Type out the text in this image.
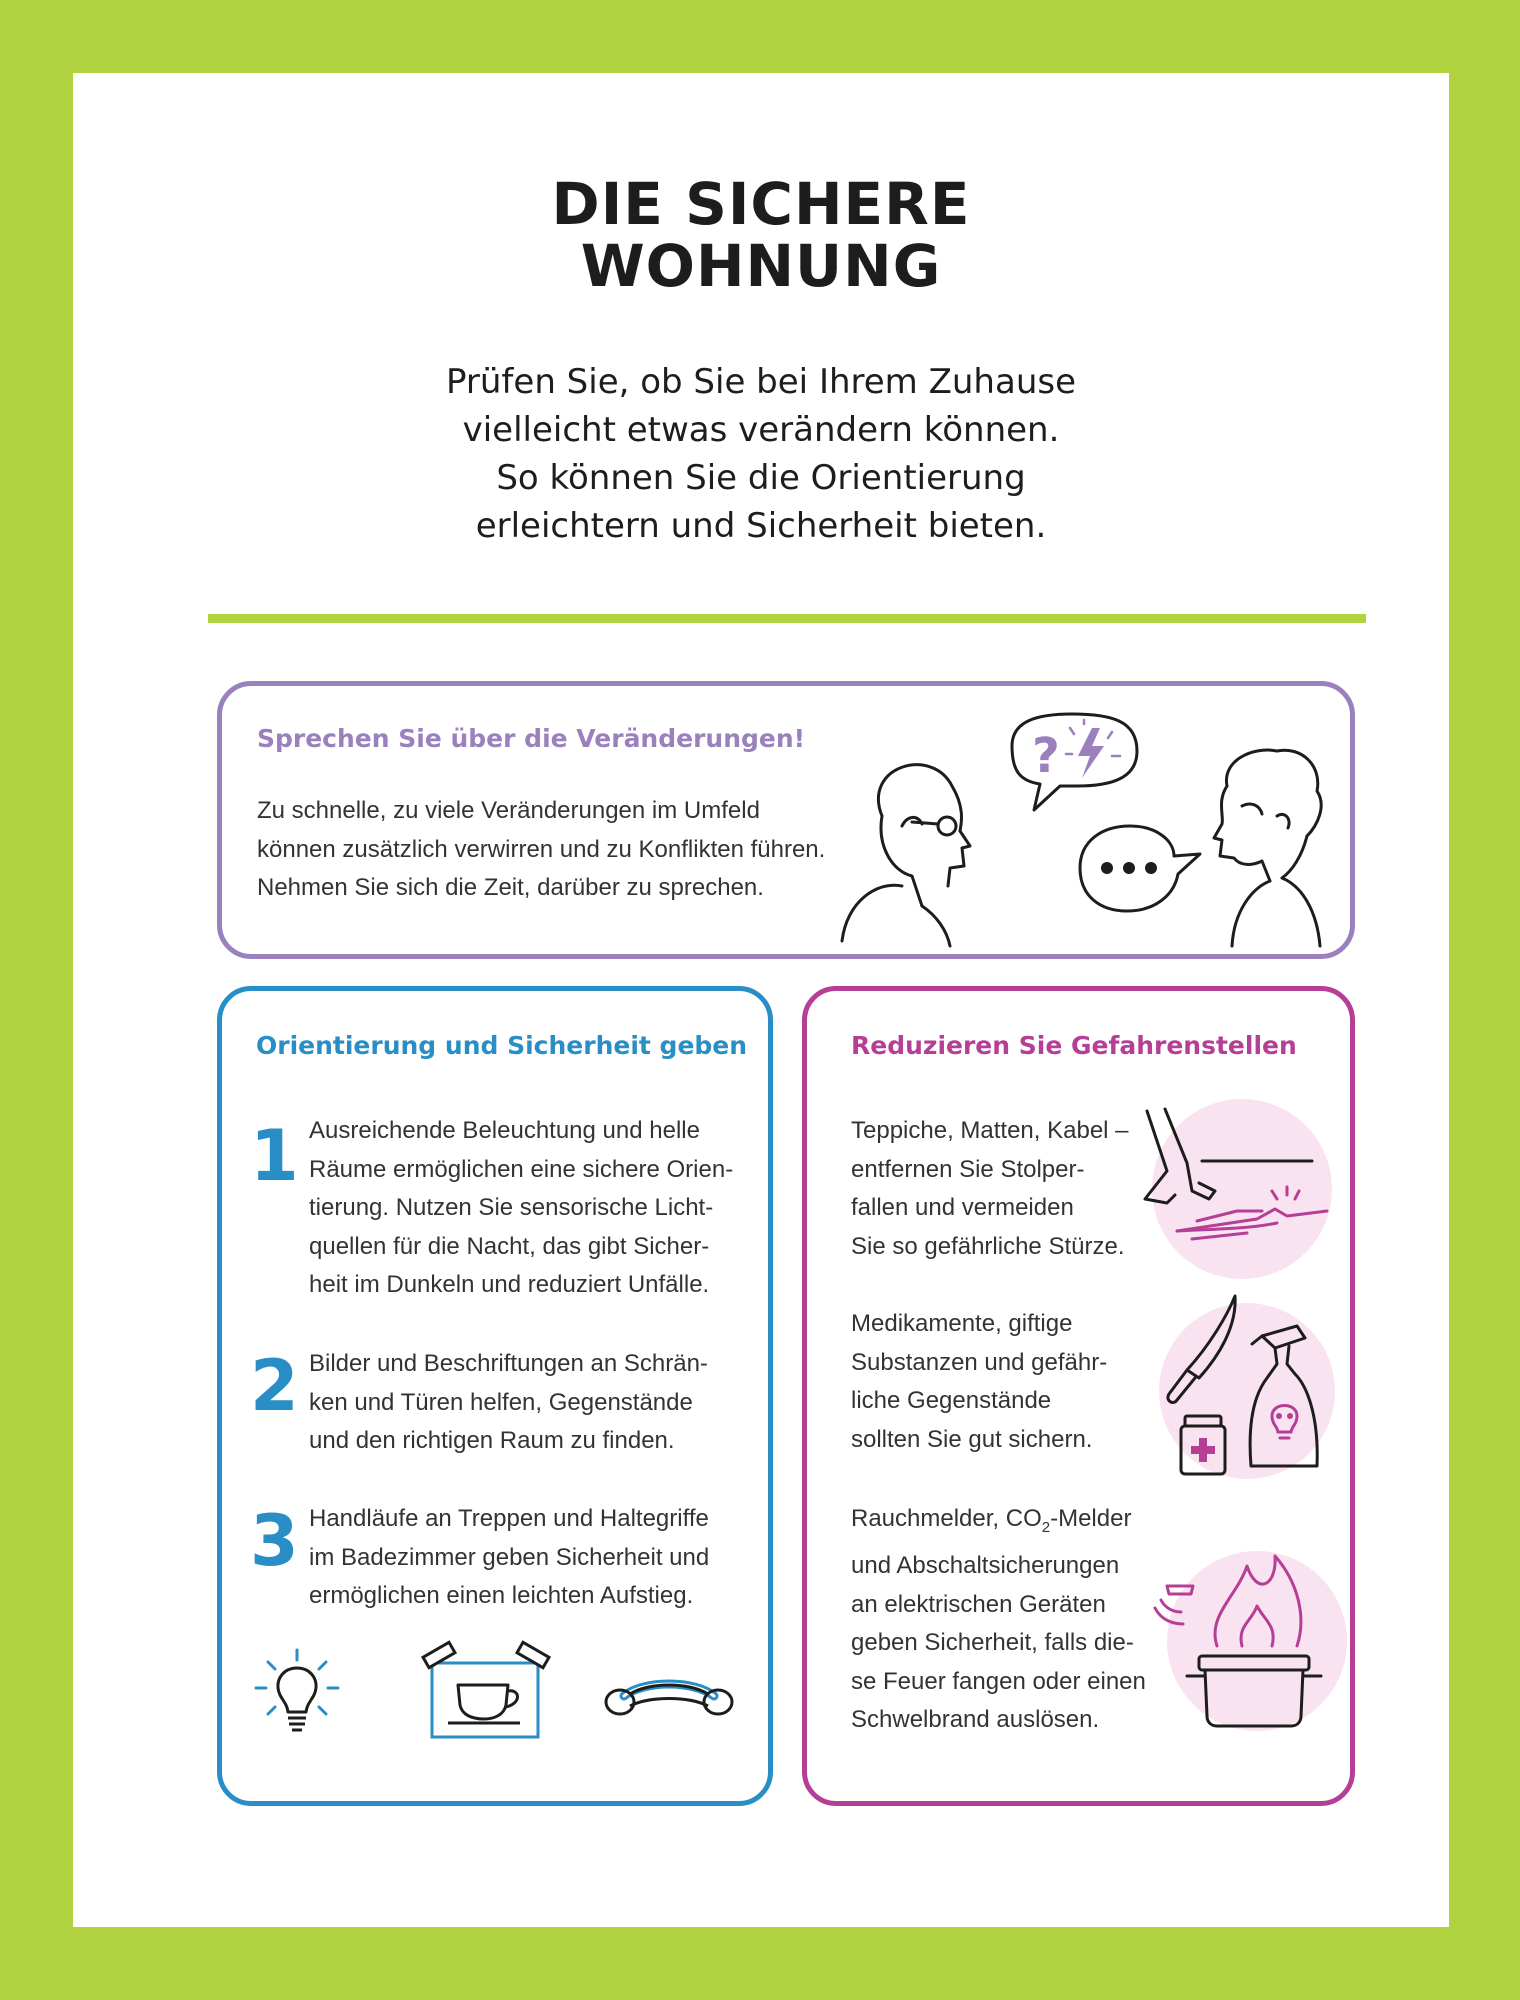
DIE SICHERE
WOHNUNG
Prüfen Sie, ob Sie bei Ihrem Zuhause
vielleicht etwas verändern können.
So können Sie die Orientierung
erleichtern und Sicherheit bieten.
Sprechen Sie über die Veränderungen!
Zu schnelle, zu viele Veränderungen im Umfeld
können zusätzlich verwirren und zu Konflikten führen.
Nehmen Sie sich die Zeit, darüber zu sprechen.
?
Orientierung und Sicherheit geben
1 Ausreichende Beleuchtung und helle
Räume ermöglichen eine sichere Orien-
tierung. Nutzen Sie sensorische Licht-
quellen für die Nacht, das gibt Sicher-
heit im Dunkeln und reduziert Unfälle.
2 Bilder und Beschriftungen an Schrän-
ken und Türen helfen, Gegenstände
und den richtigen Raum zu finden.
3 Handläufe an Treppen und Haltegriffe
im Badezimmer geben Sicherheit und
ermöglichen einen leichten Aufstieg.
Reduzieren Sie Gefahrenstellen
Teppiche, Matten, Kabel –
entfernen Sie Stolper-
fallen und vermeiden
Sie so gefährliche Stürze.
Medikamente, giftige
Substanzen und gefähr-
liche Gegenstände
sollten Sie gut sichern.
Rauchmelder, $CO_2$-Melder
und Abschaltsicherungen
an elektrischen Geräten
geben Sicherheit, falls die-
se Feuer fangen oder einen
Schwelbrand auslösen.
